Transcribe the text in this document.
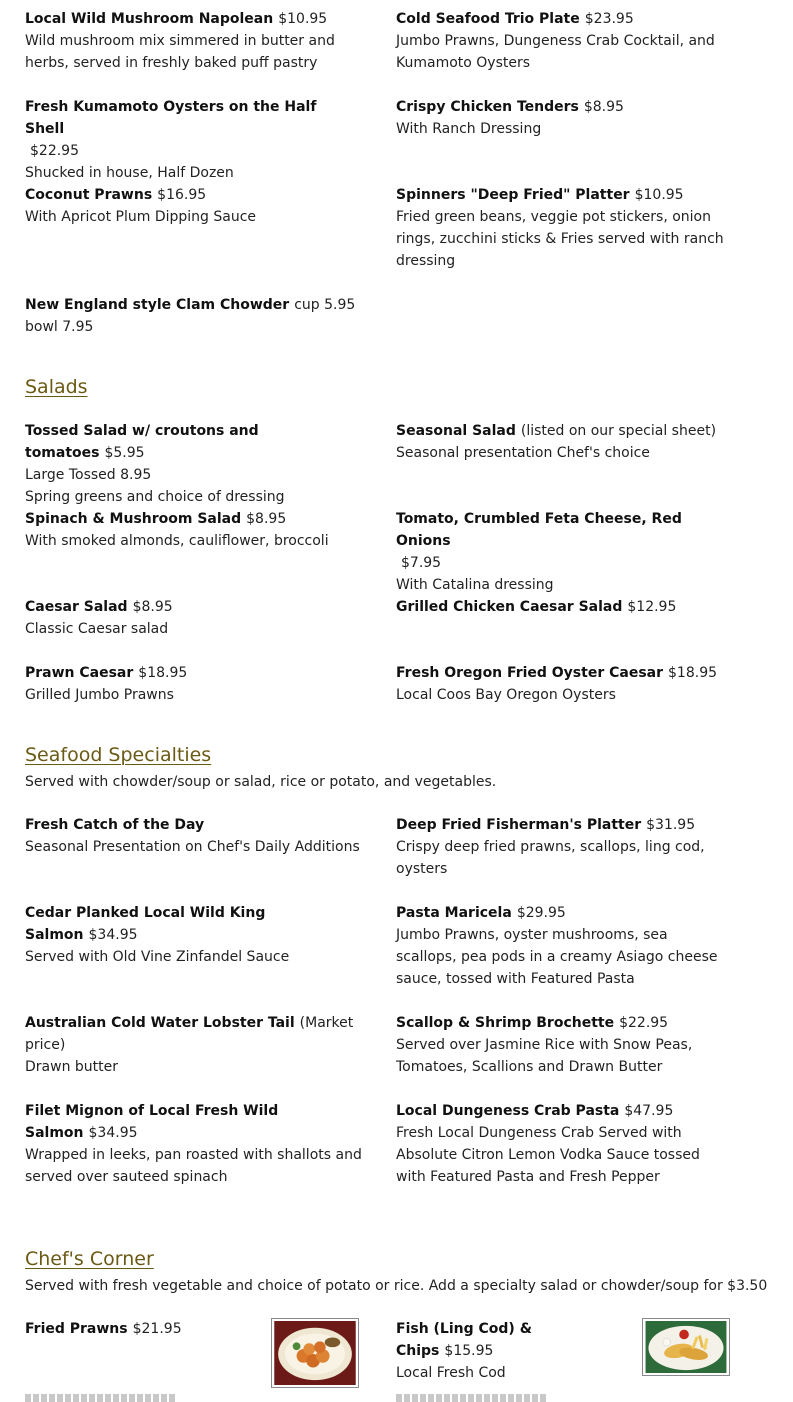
Local Wild Mushroom Napolean $10.95
Wild mushroom mix simmered in butter and herbs, served in freshly baked puff pastry
Cold Seafood Trio Plate $23.95
Jumbo Prawns, Dungeness Crab Cocktail, and Kumamoto Oysters
Fresh Kumamoto Oysters on the Half Shell
$22.95
Shucked in house, Half Dozen
Crispy Chicken Tenders $8.95
With Ranch Dressing
Coconut Prawns $16.95
With Apricot Plum Dipping Sauce
Spinners "Deep Fried" Platter $10.95
Fried green beans, veggie pot stickers, onion rings, zucchini sticks & Fries served with ranch dressing
New England style Clam Chowder cup 5.95 bowl 7.95
Salads
Tossed Salad w/ croutons and tomatoes $5.95
Large Tossed 8.95
Spring greens and choice of dressing
Seasonal Salad (listed on our special sheet)
Seasonal presentation Chef's choice
Spinach & Mushroom Salad $8.95
With smoked almonds, cauliflower, broccoli
Tomato, Crumbled Feta Cheese, Red Onions
$7.95
With Catalina dressing
Caesar Salad $8.95
Classic Caesar salad
Grilled Chicken Caesar Salad $12.95
Prawn Caesar $18.95
Grilled Jumbo Prawns
Fresh Oregon Fried Oyster Caesar $18.95
Local Coos Bay Oregon Oysters
Seafood Specialties

Served with chowder/soup or salad, rice or potato, and vegetables.

Fresh Catch of the Day
Seasonal Presentation on Chef's Daily Additions
Deep Fried Fisherman's Platter $31.95
Crispy deep fried prawns, scallops, ling cod, oysters
Cedar Planked Local Wild King Salmon $34.95
Served with Old Vine Zinfandel Sauce
Pasta Maricela $29.95
Jumbo Prawns, oyster mushrooms, sea scallops, pea pods in a creamy Asiago cheese sauce, tossed with Featured Pasta
Australian Cold Water Lobster Tail (Market price)
Drawn butter
Scallop & Shrimp Brochette $22.95
Served over Jasmine Rice with Snow Peas, Tomatoes, Scallions and Drawn Butter
Filet Mignon of Local Fresh Wild Salmon $34.95
Wrapped in leeks, pan roasted with shallots and served over sauteed spinach
Local Dungeness Crab Pasta $47.95
Fresh Local Dungeness Crab Served with Absolute Citron Lemon Vodka Sauce tossed with Featured Pasta and Fresh Pepper
Chef's Corner

Served with fresh vegetable and choice of potato or rice. Add a specialty salad or chowder/soup for $3.50

Fried Prawns $21.95	Fish (Ling Cod) & Chips $15.95
Local Fresh Cod
